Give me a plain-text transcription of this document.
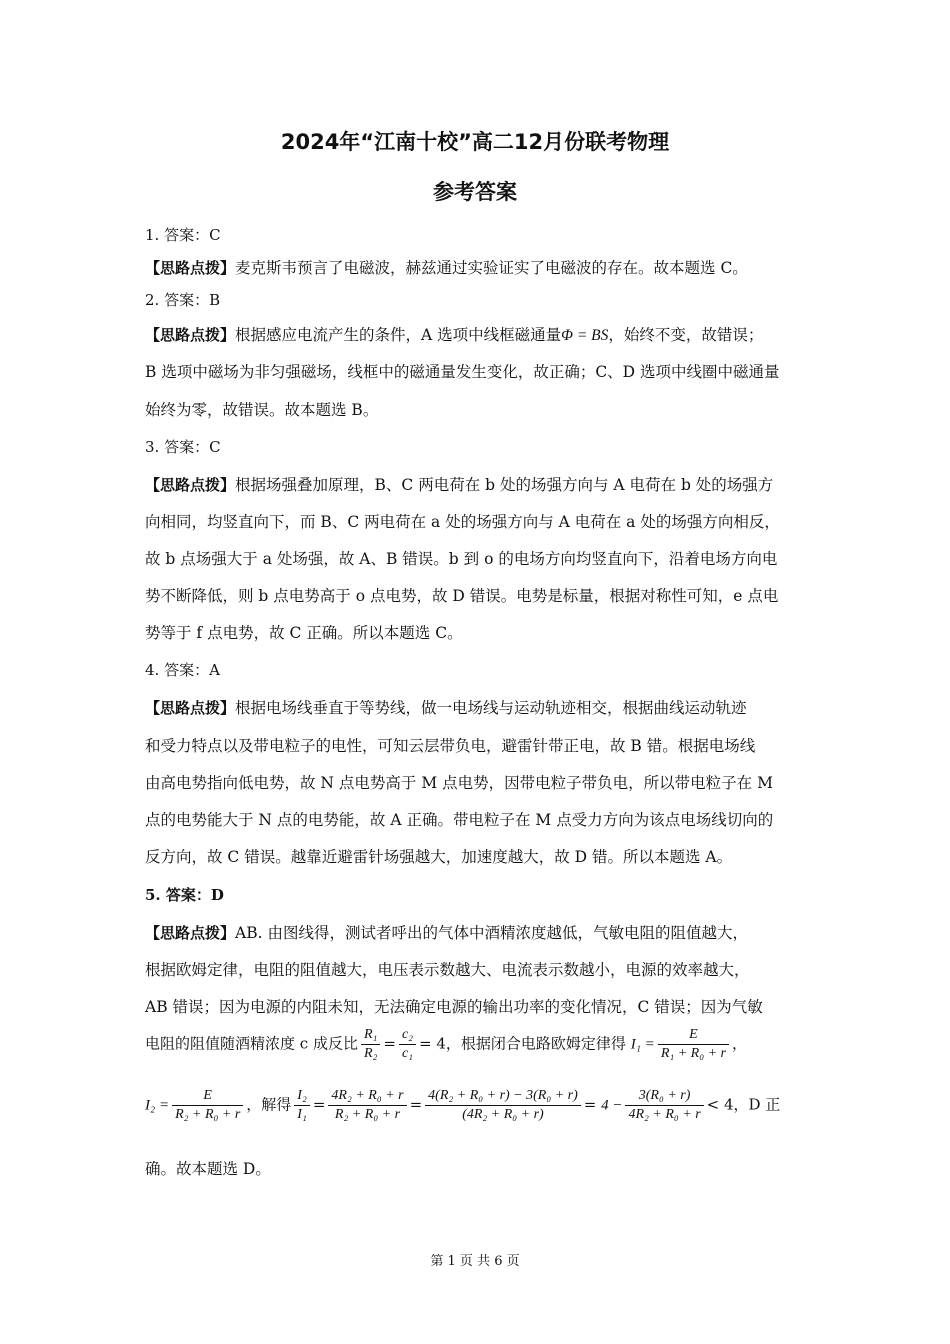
2024年“江南十校”高二12月份联考物理
参考答案
1. 答案：C
【思路点拨】麦克斯韦预言了电磁波，赫兹通过实验证实了电磁波的存在。故本题选 C。
2. 答案：B
【思路点拨】根据感应电流产生的条件，A 选项中线框磁通量Φ = BS，始终不变，故错误；
B 选项中磁场为非匀强磁场，线框中的磁通量发生变化，故正确；C、D 选项中线圈中磁通量
始终为零，故错误。故本题选 B。
3. 答案：C
【思路点拨】根据场强叠加原理，B、C 两电荷在 b 处的场强方向与 A 电荷在 b 处的场强方
向相同，均竖直向下，而 B、C 两电荷在 a 处的场强方向与 A 电荷在 a 处的场强方向相反，
故 b 点场强大于 a 处场强，故 A、B 错误。b 到 o 的电场方向均竖直向下，沿着电场方向电
势不断降低，则 b 点电势高于 o 点电势，故 D 错误。电势是标量，根据对称性可知，e 点电
势等于 f 点电势，故 C 正确。所以本题选 C。
4. 答案：A
【思路点拨】根据电场线垂直于等势线，做一电场线与运动轨迹相交，根据曲线运动轨迹
和受力特点以及带电粒子的电性，可知云层带负电，避雷针带正电，故 B 错。根据电场线
由高电势指向低电势，故 N 点电势高于 M 点电势，因带电粒子带负电，所以带电粒子在 M
点的电势能大于 N 点的电势能，故 A 正确。带电粒子在 M 点受力方向为该点电场线切向的
反方向，故 C 错误。越靠近避雷针场强越大，加速度越大，故 D 错。所以本题选 A。
5. 答案：D
【思路点拨】AB. 由图线得，测试者呼出的气体中酒精浓度越低，气敏电阻的阻值越大，
根据欧姆定律，电阻的阻值越大，电压表示数越大、电流表示数越小，电源的效率越大，
AB 错误；因为电源的内阻未知，无法确定电源的输出功率的变化情况，C 错误；因为气敏
电阻的阻值随酒精浓度 c 成反比 $\frac{\text{R₁}}{\text{R₂}} = \frac{\text{c₂}}{\text{c₁}} = 4$，根据闭合电路欧姆定律得 $I_1 = \frac{E}{\text{R₁ + R₀ + r}}$ ，
$I_2 = \frac{E}{\text{R₂ + R₀ + r}}$ ，解得 $\frac{\text{I₂}}{\text{I₁}} = \frac{\text{4R₂ + R₀ + r}}{\text{R₂ + R₀ + r}} = \frac{\text{4(R₂ + R₀ + r) − 3(R₀ + r)}}{\text{(4R₂ + R₀ + r)}} = 4 - \frac{\text{3(R₀ + r)}}{\text{4R₂ + R₀ + r}} < 4$，D 正
确。故本题选 D。
第 1 页 共 6 页
